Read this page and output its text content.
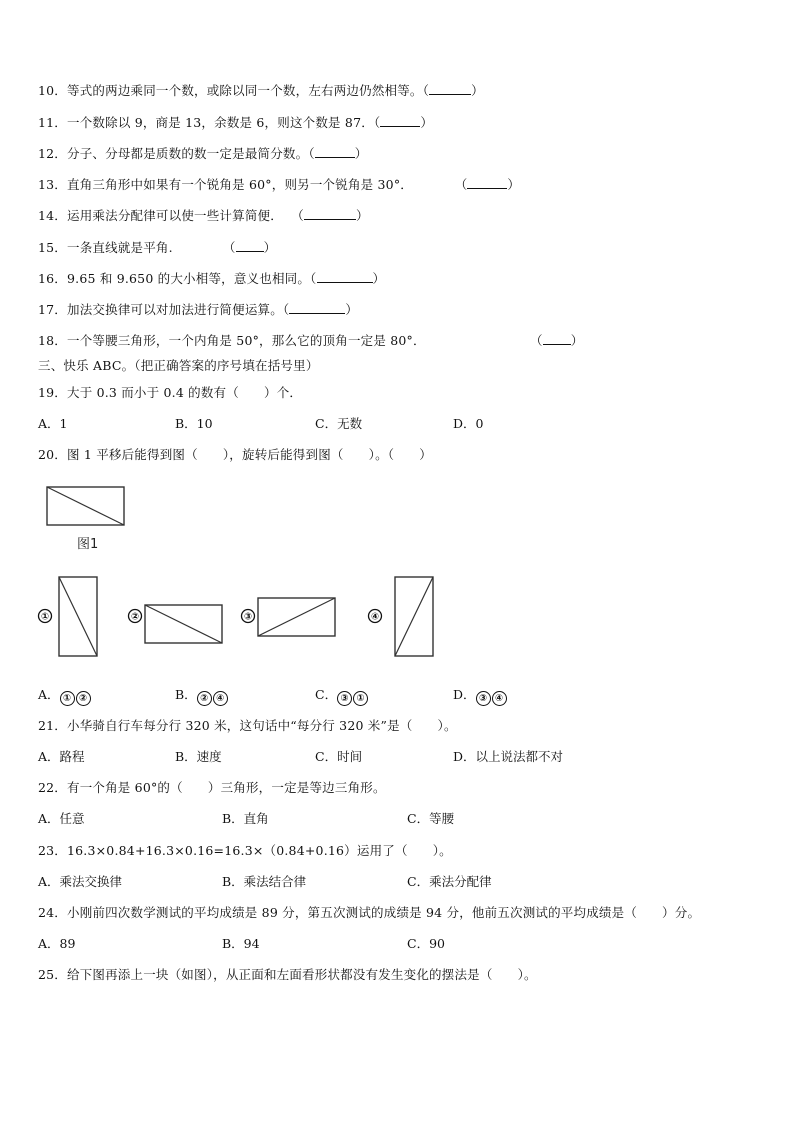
10．等式的两边乘同一个数，或除以同一个数，左右两边仍然相等。（	）
11．一个数除以 9，商是 13，余数是 6，则这个数是 87．（	）
12．分子、分母都是质数的数一定是最简分数。（	）
13．直角三角形中如果有一个锐角是 60°，则另一个锐角是 30°．          （	）
14．运用乘法分配律可以使一些计算简便．  （	）
15．一条直线就是平角.            （ ）
16．9.65 和 9.650 的大小相等，意义也相同。（	）
17．加法交换律可以对加法进行简便运算。（	）
18．一个等腰三角形，一个内角是 50°，那么它的顶角一定是 80°．                         （ ）
三、快乐 ABC。（把正确答案的序号填在括号里）
19．大于 0.3 而小于 0.4 的数有（      ）个．
A．1	B．10	C．无数	D．0
20．图 1 平移后能得到图（      ），旋转后能得到图（      ）。（      ）
图1
①	②	③	④
A． ① ②	B． ② ④	C． ③ ①	D． ③ ④
21．小华骑自行车每分行 320 米，这句话中“每分行 320 米”是（      ）。
A．路程	B．速度	C．时间	D．以上说法都不对
22．有一个角是 60°的（      ）三角形，一定是等边三角形。
A．任意	B．直角	C．等腰
23．16.3×0.84+16.3×0.16=16.3×（0.84+0.16）运用了（      ）。
A．乘法交换律	B．乘法结合律	C．乘法分配律
24．小刚前四次数学测试的平均成绩是 89 分，第五次测试的成绩是 94 分，他前五次测试的平均成绩是（      ）分。
A．89	B．94	C．90
25．给下图再添上一块（如图），从正面和左面看形状都没有发生变化的摆法是（      ）。
